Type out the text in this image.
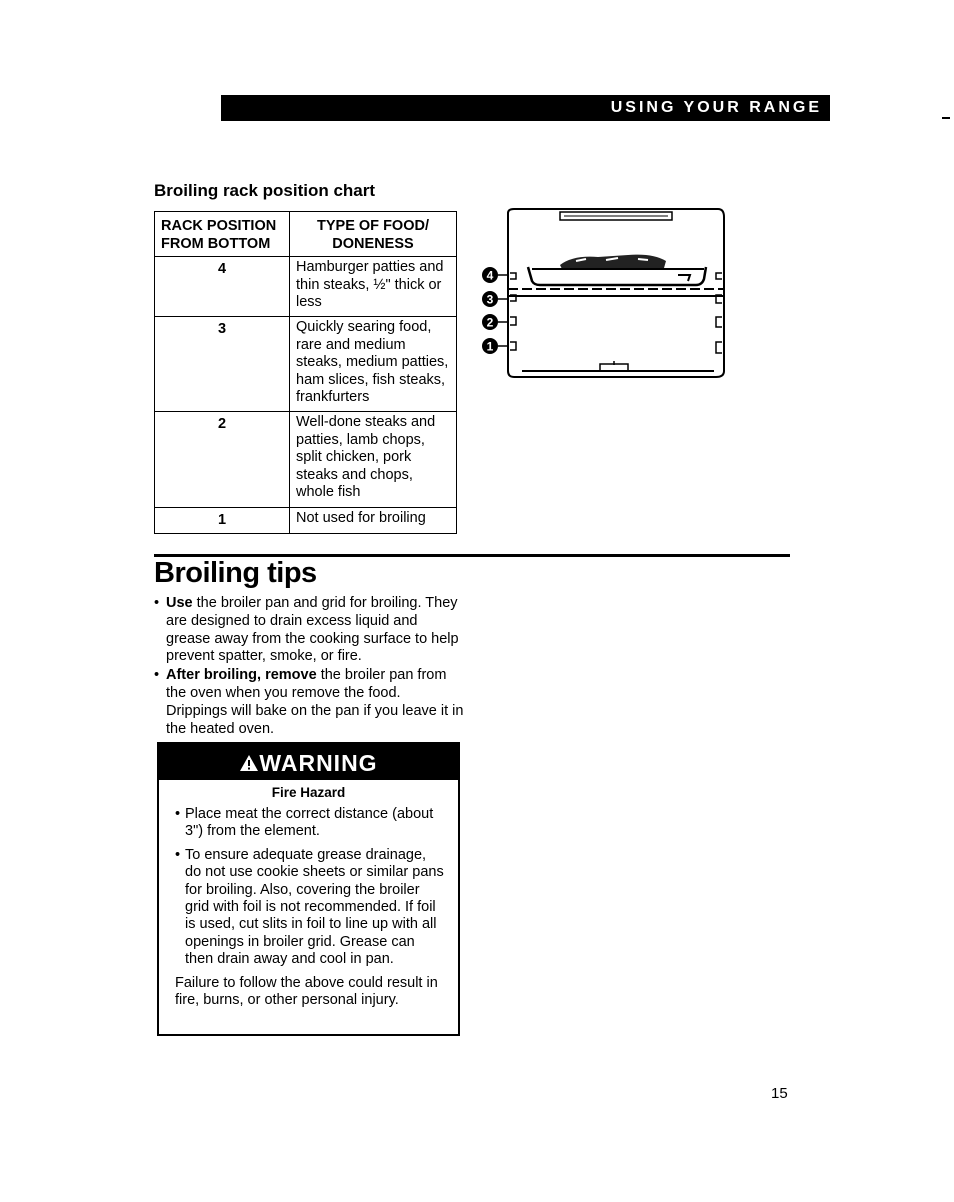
USING YOUR RANGE
Broiling rack position chart
RACK POSITION FROM BOTTOM	TYPE OF FOOD/ DONENESS
4	Hamburger patties and thin steaks, ½" thick or less
3	Quickly searing food, rare and medium steaks, medium patties, ham slices, fish steaks, frankfurters
2	Well-done steaks and patties, lamb chops, split chicken, pork steaks and chops, whole fish
1	Not used for broiling
4
3
2
1
Broiling tips
• Use the broiler pan and grid for broiling. They are designed to drain excess liquid and grease away from the cooking surface to help prevent spatter, smoke, or fire.
• After broiling, remove the broiler pan from the oven when you remove the food. Drippings will bake on the pan if you leave it in the heated oven.
WARNING
Fire Hazard
• Place meat the correct distance (about 3") from the element.
• To ensure adequate grease drainage, do not use cookie sheets or similar pans for broiling. Also, covering the broiler grid with foil is not recommended. If foil is used, cut slits in foil to line up with all openings in broiler grid. Grease can then drain away and cool in pan.
Failure to follow the above could result in fire, burns, or other personal injury.
15
